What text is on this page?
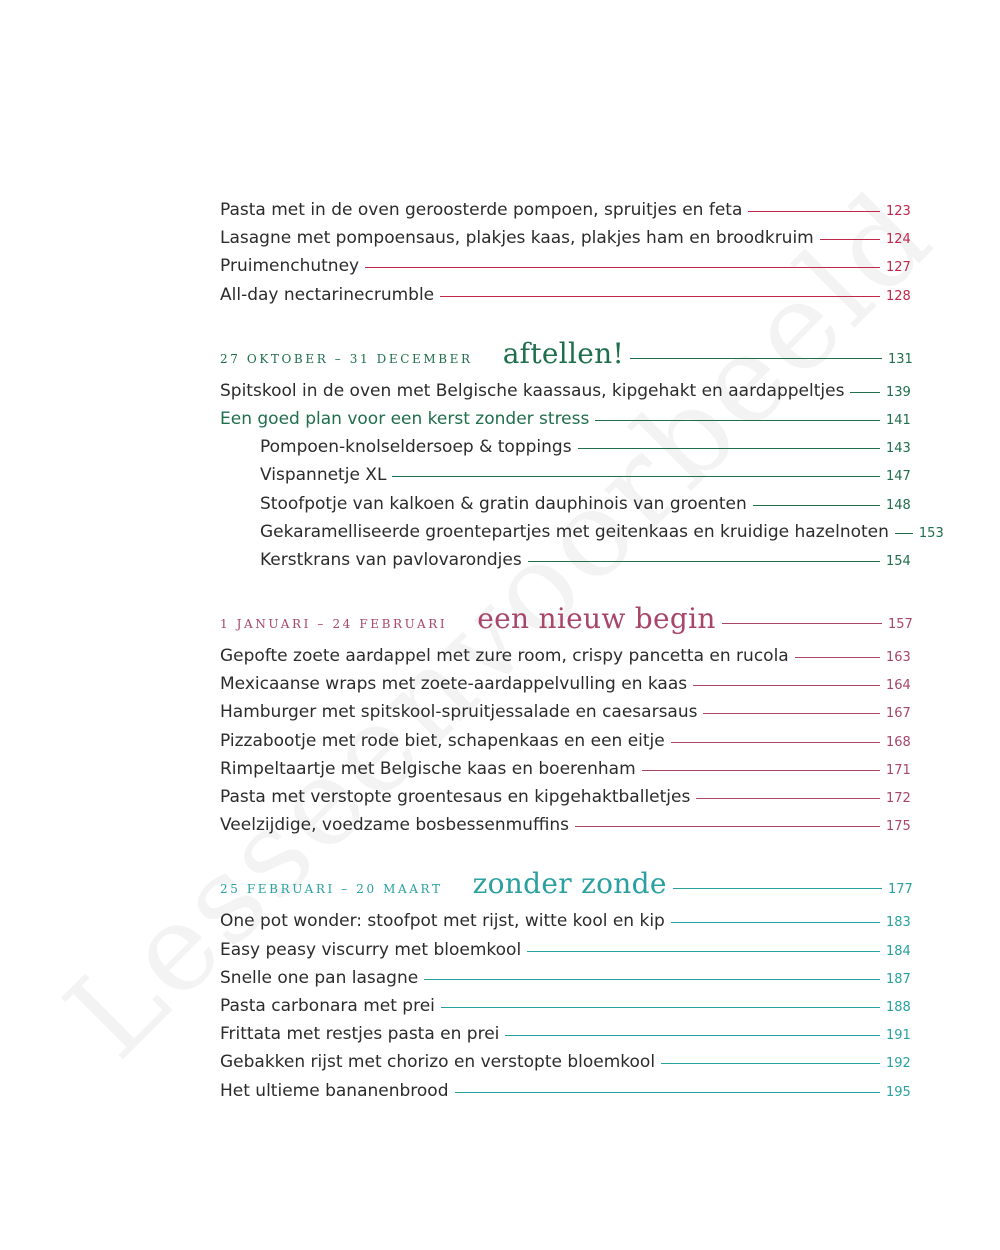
Pasta met in de oven geroosterde pompoen, spruitjes en feta	123
Lasagne met pompoensaus, plakjes kaas, plakjes ham en broodkruim	124
Pruimenchutney	127
All-day nectarinecrumble	128
27 OKTOBER – 31 DECEMBER aftellen!	131
Spitskool in de oven met Belgische kaassaus, kipgehakt en aardappeltjes	139
Een goed plan voor een kerst zonder stress	141
Pompoen-knolseldersoep & toppings	143
Vispannetje XL	147
Stoofpotje van kalkoen & gratin dauphinois van groenten	148
Gekaramelliseerde groentepartjes met geitenkaas en kruidige hazelnoten 153
Kerstkrans van pavlovarondjes	154
1 JANUARI – 24 FEBRUARI een nieuw begin	157
Gepofte zoete aardappel met zure room, crispy pancetta en rucola	163
Mexicaanse wraps met zoete-aardappelvulling en kaas	164
Hamburger met spitskool-spruitjessalade en caesarsaus	167
Pizzabootje met rode biet, schapenkaas en een eitje	168
Rimpeltaartje met Belgische kaas en boerenham	171
Pasta met verstopte groentesaus en kipgehaktballetjes	172
Veelzijdige, voedzame bosbessenmuffins	175
25 FEBRUARI – 20 MAART zonder zonde	177
One pot wonder: stoofpot met rijst, witte kool en kip	183
Easy peasy viscurry met bloemkool	184
Snelle one pan lasagne	187
Pasta carbonara met prei	188
Frittata met restjes pasta en prei	191
Gebakken rijst met chorizo en verstopte bloemkool	192
Het ultieme bananenbrood	195
